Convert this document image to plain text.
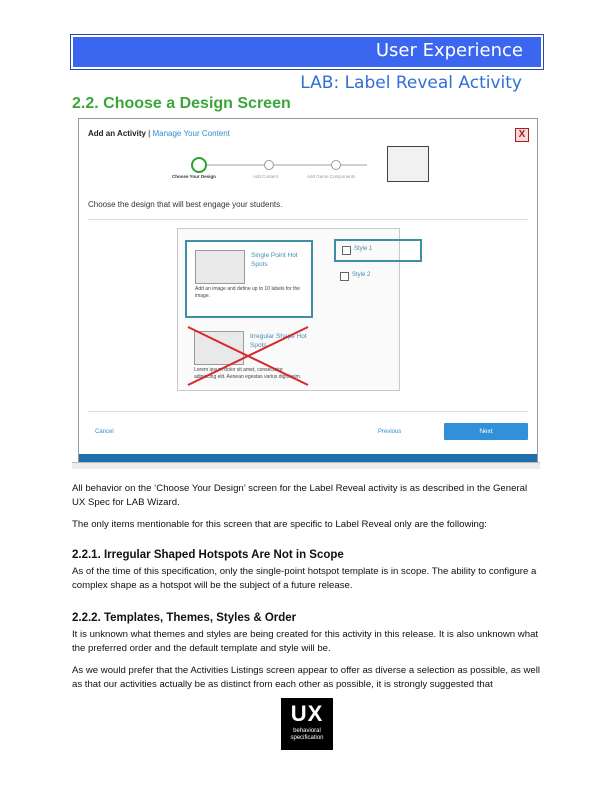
User Experience
LAB: Label Reveal Activity
2.2. Choose a Design Screen
Add an Activity | Manage Your Content	X
Choose Your Design	Add Content	Add Game Components
Choose the design that will best engage your students.
Single Point Hot Spots
Add an image and define up to 10 labels for the image.
Irregular Shape Hot Spots
Lorem ipsum dolor sit amet, consectetur adipiscing elit. Aenean egestas varius dignissim.
Style 1
Style 2
Cancel	Previous	Next
All behavior on the ‘Choose Your Design’ screen for the Label Reveal activity is as described in the General UX Spec for LAB Wizard.
The only items mentionable for this screen that are specific to Label Reveal only are the following:
2.2.1. Irregular Shaped Hotspots Are Not in Scope
As of the time of this specification, only the single-point hotspot template is in scope. The ability to configure a complex shape as a hotspot will be the subject of a future release.
2.2.2. Templates, Themes, Styles & Order
It is unknown what themes and styles are being created for this activity in this release. It is also unknown what the preferred order and the default template and style will be.
As we would prefer that the Activities Listings screen appear to offer as diverse a selection as possible, as well as that our activities actually be as distinct from each other as possible, it is strongly suggested that
UX
behavioral
specification
